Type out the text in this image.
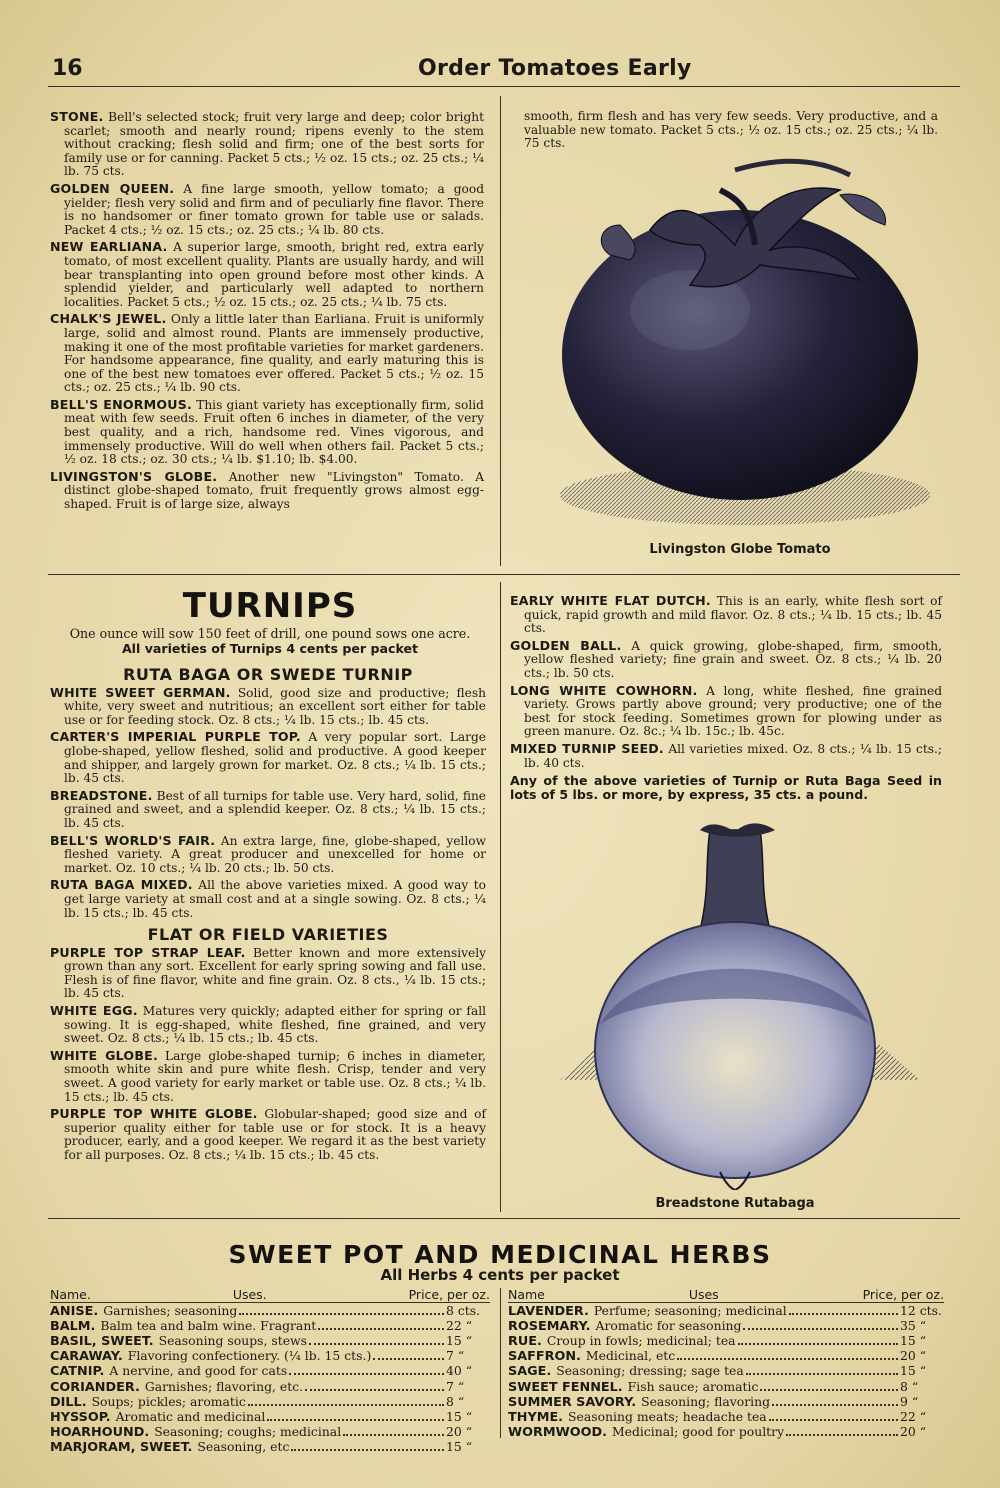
16	Order Tomatoes Early
STONE. Bell's selected stock; fruit very large and deep; color bright scarlet; smooth and nearly round; ripens evenly to the stem without cracking; flesh solid and firm; one of the best sorts for family use or for canning. Packet 5 cts.; ½ oz. 15 cts.; oz. 25 cts.; ¼ lb. 75 cts.
GOLDEN QUEEN. A fine large smooth, yellow tomato; a good yielder; flesh very solid and firm and of peculiarly fine flavor. There is no handsomer or finer tomato grown for table use or salads. Packet 4 cts.; ½ oz. 15 cts.; oz. 25 cts.; ¼ lb. 80 cts.
NEW EARLIANA. A superior large, smooth, bright red, extra early tomato, of most excellent quality. Plants are usually hardy, and will bear transplanting into open ground before most other kinds. A splendid yielder, and particularly well adapted to northern localities. Packet 5 cts.; ½ oz. 15 cts.; oz. 25 cts.; ¼ lb. 75 cts.
CHALK'S JEWEL. Only a little later than Earliana. Fruit is uniformly large, solid and almost round. Plants are immensely productive, making it one of the most profitable varieties for market gardeners. For handsome appearance, fine quality, and early maturing this is one of the best new tomatoes ever offered. Packet 5 cts.; ½ oz. 15 cts.; oz. 25 cts.; ¼ lb. 90 cts.
BELL'S ENORMOUS. This giant variety has exceptionally firm, solid meat with few seeds. Fruit often 6 inches in diameter, of the very best quality, and a rich, handsome red. Vines vigorous, and immensely productive. Will do well when others fail. Packet 5 cts.; ½ oz. 18 cts.; oz. 30 cts.; ¼ lb. $1.10; lb. $4.00.
LIVINGSTON'S GLOBE. Another new "Livingston" Tomato. A distinct globe-shaped tomato, fruit frequently grows almost egg-shaped. Fruit is of large size, always
smooth, firm flesh and has very few seeds. Very productive, and a valuable new tomato. Packet 5 cts.; ½ oz. 15 cts.; oz. 25 cts.; ¼ lb. 75 cts.
Livingston Globe Tomato
TURNIPS
One ounce will sow 150 feet of drill, one pound sows one acre.
All varieties of Turnips 4 cents per packet
RUTA BAGA OR SWEDE TURNIP
WHITE SWEET GERMAN. Solid, good size and productive; flesh white, very sweet and nutritious; an excellent sort either for table use or for feeding stock. Oz. 8 cts.; ¼ lb. 15 cts.; lb. 45 cts.
CARTER'S IMPERIAL PURPLE TOP. A very popular sort. Large globe-shaped, yellow fleshed, solid and productive. A good keeper and shipper, and largely grown for market. Oz. 8 cts.; ¼ lb. 15 cts.; lb. 45 cts.
BREADSTONE. Best of all turnips for table use. Very hard, solid, fine grained and sweet, and a splendid keeper. Oz. 8 cts.; ¼ lb. 15 cts.; lb. 45 cts.
BELL'S WORLD'S FAIR. An extra large, fine, globe-shaped, yellow fleshed variety. A great producer and unexcelled for home or market. Oz. 10 cts.; ¼ lb. 20 cts.; lb. 50 cts.
RUTA BAGA MIXED. All the above varieties mixed. A good way to get large variety at small cost and at a single sowing. Oz. 8 cts.; ¼ lb. 15 cts.; lb. 45 cts.
FLAT OR FIELD VARIETIES
PURPLE TOP STRAP LEAF. Better known and more extensively grown than any sort. Excellent for early spring sowing and fall use. Flesh is of fine flavor, white and fine grain. Oz. 8 cts., ¼ lb. 15 cts.; lb. 45 cts.
WHITE EGG. Matures very quickly; adapted either for spring or fall sowing. It is egg-shaped, white fleshed, fine grained, and very sweet. Oz. 8 cts.; ¼ lb. 15 cts.; lb. 45 cts.
WHITE GLOBE. Large globe-shaped turnip; 6 inches in diameter, smooth white skin and pure white flesh. Crisp, tender and very sweet. A good variety for early market or table use. Oz. 8 cts.; ¼ lb. 15 cts.; lb. 45 cts.
PURPLE TOP WHITE GLOBE. Globular-shaped; good size and of superior quality either for table use or for stock. It is a heavy producer, early, and a good keeper. We regard it as the best variety for all purposes. Oz. 8 cts.; ¼ lb. 15 cts.; lb. 45 cts.
EARLY WHITE FLAT DUTCH. This is an early, white flesh sort of quick, rapid growth and mild flavor. Oz. 8 cts.; ¼ lb. 15 cts.; lb. 45 cts.
GOLDEN BALL. A quick growing, globe-shaped, firm, smooth, yellow fleshed variety; fine grain and sweet. Oz. 8 cts.; ¼ lb. 20 cts.; lb. 50 cts.
LONG WHITE COWHORN. A long, white fleshed, fine grained variety. Grows partly above ground; very productive; one of the best for stock feeding. Sometimes grown for plowing under as green manure. Oz. 8c.; ¼ lb. 15c.; lb. 45c.
MIXED TURNIP SEED. All varieties mixed. Oz. 8 cts.; ¼ lb. 15 cts.; lb. 40 cts.
Any of the above varieties of Turnip or Ruta Baga Seed in lots of 5 lbs. or more, by express, 35 cts. a pound.
Breadstone Rutabaga
SWEET POT AND MEDICINAL HERBS
All Herbs 4 cents per packet
Name.	Uses.	Price, per oz.
ANISE. Garnishes; seasoning	8 cts.
BALM. Balm tea and balm wine. Fragrant	22 “
BASIL, SWEET. Seasoning soups, stews	15 “
CARAWAY. Flavoring confectionery. (¼ lb. 15 cts.)	7 “
CATNIP. A nervine, and good for cats	40 “
CORIANDER. Garnishes; flavoring, etc.	7 “
DILL. Soups; pickles; aromatic	8 “
HYSSOP. Aromatic and medicinal	15 “
HOARHOUND. Seasoning; coughs; medicinal	20 “
MARJORAM, SWEET. Seasoning, etc	15 “
Name	Uses	Price, per oz.
LAVENDER. Perfume; seasoning; medicinal	12 cts.
ROSEMARY. Aromatic for seasoning	35 “
RUE. Croup in fowls; medicinal; tea	15 “
SAFFRON. Medicinal, etc	20 “
SAGE. Seasoning; dressing; sage tea	15 “
SWEET FENNEL. Fish sauce; aromatic	8 “
SUMMER SAVORY. Seasoning; flavoring	9 “
THYME. Seasoning meats; headache tea	22 “
WORMWOOD. Medicinal; good for poultry	20 “
